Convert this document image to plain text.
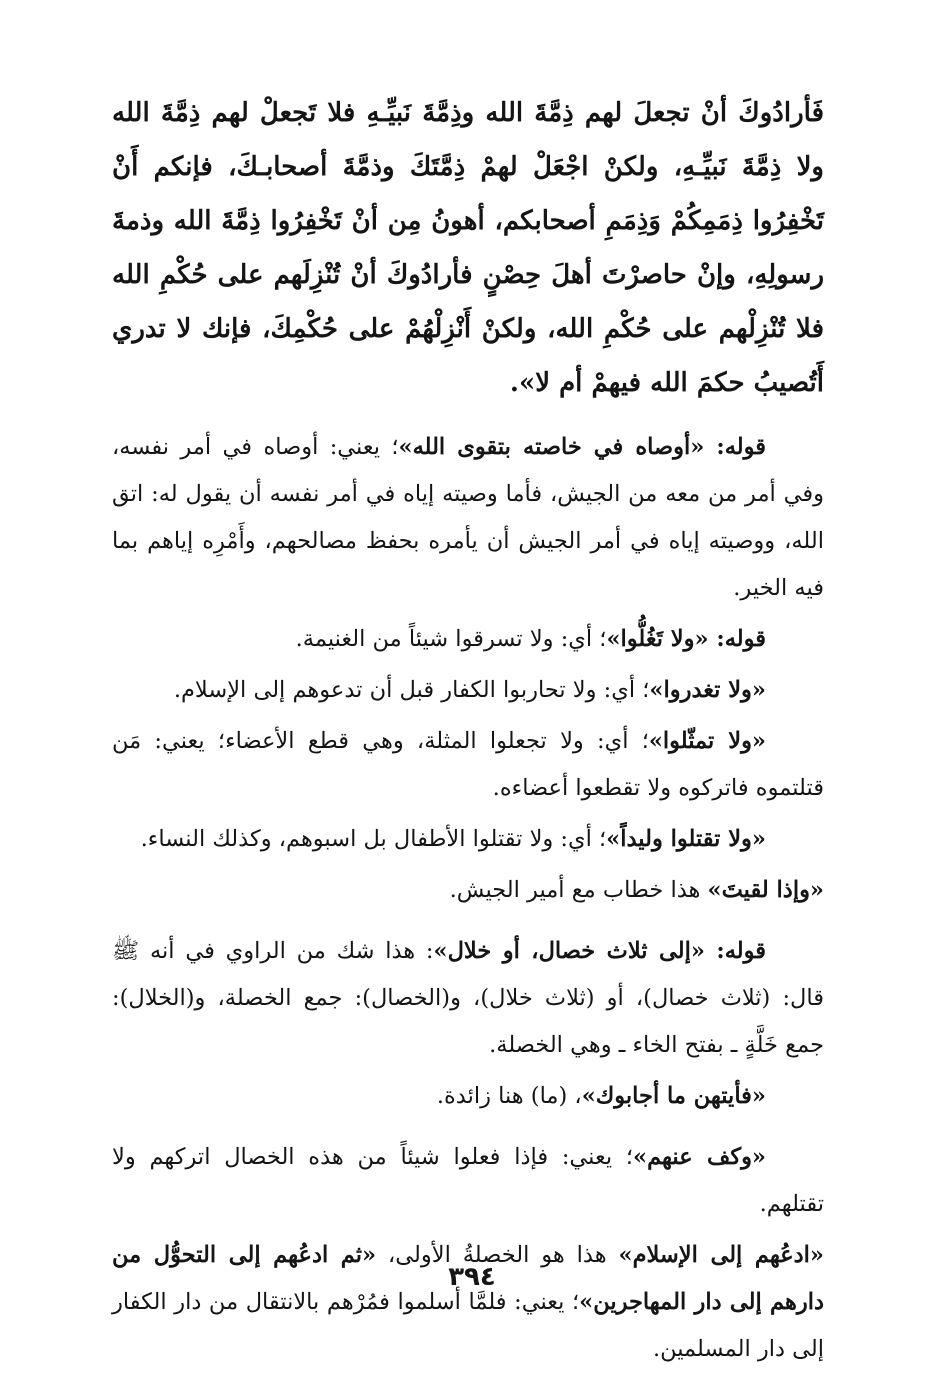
فَأرادُوكَ أنْ تجعلَ لهم ذِمَّةَ الله وذِمَّةَ نَبيِّـهِ فلا تَجعلْ لهم ذِمَّةَ الله ولا ذِمَّةَ نَبيِّـهِ، ولكنْ اجْعَلْ لهمْ ذِمَّتَكَ وذمَّةَ أصحابـكَ، فإنكم أَنْ تَخْفِرُوا ذِمَمِكُمْ وَذِمَمِ أصحابكم، أهونُ مِن أنْ تَخْفِرُوا ذِمَّةَ الله وذمةَ رسولِهِ، وإنْ حاصرْتَ أهلَ حِصْنٍ فأرادُوكَ أنْ تُنْزِلَهم على حُكْمِ الله فلا تُنْزِلْهم على حُكْمِ الله، ولكنْ أَنْزِلْهُمْ على حُكْمِكَ، فإنك لا تدري أَتُصيبُ حكمَ الله فيهمْ أم لا».

قوله: «أوصاه في خاصته بتقوى الله»؛ يعني: أوصاه في أمر نفسه، وفي أمر من معه من الجيش، فأما وصيته إياه في أمر نفسه أن يقول له: اتق الله، ووصيته إياه في أمر الجيش أن يأمره بحفظ مصالحهم، وأَمْرِه إياهم بما فيه الخير.

قوله: «ولا تَغُلُّوا»؛ أي: ولا تسرقوا شيئاً من الغنيمة.

«ولا تغدروا»؛ أي: ولا تحاربوا الكفار قبل أن تدعوهم إلى الإسلام.

«ولا تمثّلوا»؛ أي: ولا تجعلوا المثلة، وهي قطع الأعضاء؛ يعني: مَن قتلتموه فاتركوه ولا تقطعوا أعضاءه.

«ولا تقتلوا وليداً»؛ أي: ولا تقتلوا الأطفال بل اسبوهم، وكذلك النساء.

«وإذا لقيتَ» هذا خطاب مع أمير الجيش.

قوله: «إلى ثلاث خصال، أو خلال»: هذا شك من الراوي في أنه ﷺ قال: (ثلاث خصال)، أو (ثلاث خلال)، و(الخصال): جمع الخصلة، و(الخلال): جمع خَلَّةٍ ـ بفتح الخاء ـ وهي الخصلة.

«فأيتهن ما أجابوك»، (ما) هنا زائدة.

«وكف عنهم»؛ يعني: فإذا فعلوا شيئاً من هذه الخصال اتركهم ولا تقتلهم.

«ادعُهم إلى الإسلام» هذا هو الخصلةُ الأولى، «ثم ادعُهم إلى التحوُّل من دارهم إلى دار المهاجرين»؛ يعني: فلمَّا أسلموا فمُرْهم بالانتقال من دار الكفار إلى دار المسلمين.

٣٩٤
